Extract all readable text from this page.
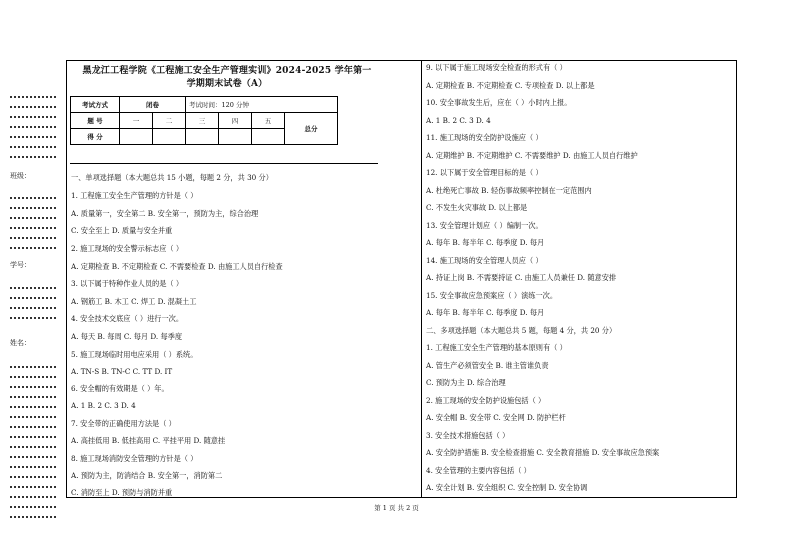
班级：
学号：
姓名：
黑龙江工程学院《工程施工安全生产管理实训》2024-2025 学年第一
学期期末试卷（A）
考试方式	闭卷		考试时间：120 分钟			
题 号	一	二	三	四	五	总分
得 分						
一、单项选择题（本大题总共 15 小题，每题 2 分，共 30 分）
1. 工程施工安全生产管理的方针是（ ）
A. 质量第一，安全第二 B. 安全第一，预防为主，综合治理
C. 安全至上 D. 质量与安全并重
2. 施工现场的安全警示标志应（ ）
A. 定期检查 B. 不定期检查 C. 不需要检查 D. 由施工人员自行检查
3. 以下属于特种作业人员的是（ ）
A. 钢筋工 B. 木工 C. 焊工 D. 混凝土工
4. 安全技术交底应（ ）进行一次。
A. 每天 B. 每周 C. 每月 D. 每季度
5. 施工现场临时用电应采用（ ）系统。
A. TN-S B. TN-C C. TT D. IT
6. 安全帽的有效期是（ ）年。
A. 1 B. 2 C. 3 D. 4
7. 安全带的正确使用方法是（ ）
A. 高挂低用 B. 低挂高用 C. 平挂平用 D. 随意挂
8. 施工现场消防安全管理的方针是（ ）
A. 预防为主，防消结合 B. 安全第一，消防第二
C. 消防至上 D. 预防与消防并重
9. 以下属于施工现场安全检查的形式有（ ）
A. 定期检查 B. 不定期检查 C. 专项检查 D. 以上都是
10. 安全事故发生后，应在（ ）小时内上报。
A. 1 B. 2 C. 3 D. 4
11. 施工现场的安全防护设施应（ ）
A. 定期维护 B. 不定期维护 C. 不需要维护 D. 由施工人员自行维护
12. 以下属于安全管理目标的是（ ）
A. 杜绝死亡事故 B. 轻伤事故频率控制在一定范围内
C. 不发生火灾事故 D. 以上都是
13. 安全管理计划应（ ）编制一次。
A. 每年 B. 每半年 C. 每季度 D. 每月
14. 施工现场的安全管理人员应（ ）
A. 持证上岗 B. 不需要持证 C. 由施工人员兼任 D. 随意安排
15. 安全事故应急预案应（ ）演练一次。
A. 每年 B. 每半年 C. 每季度 D. 每月
二、多项选择题（本大题总共 5 题，每题 4 分，共 20 分）
1. 工程施工安全生产管理的基本原则有（ ）
A. 管生产必须管安全 B. 谁主管谁负责
C. 预防为主 D. 综合治理
2. 施工现场的安全防护设施包括（ ）
A. 安全帽 B. 安全带 C. 安全网 D. 防护栏杆
3. 安全技术措施包括（ ）
A. 安全防护措施 B. 安全检查措施 C. 安全教育措施 D. 安全事故应急预案
4. 安全管理的主要内容包括（ ）
A. 安全计划 B. 安全组织 C. 安全控制 D. 安全协调
第 1 页 共 2 页
